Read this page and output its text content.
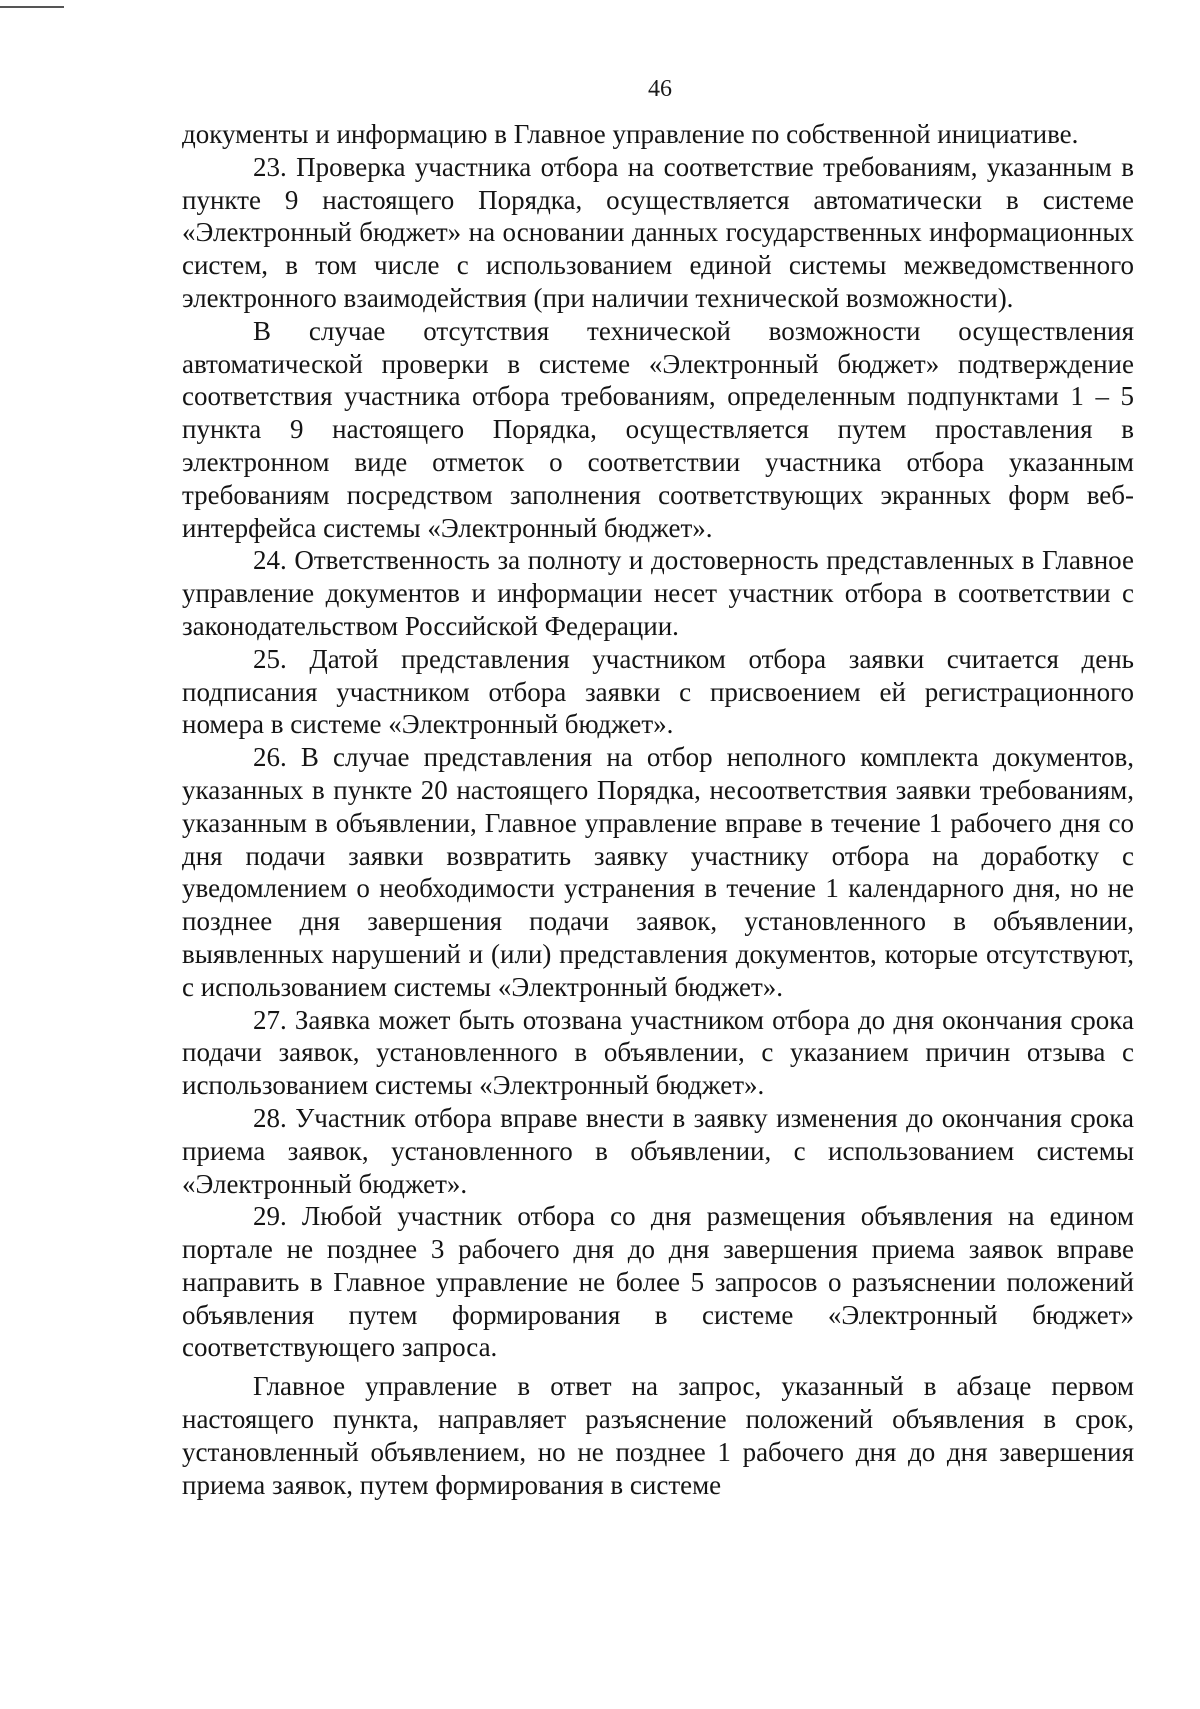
46

документы и информацию в Главное управление по собственной инициативе.

23. Проверка участника отбора на соответствие требованиям, указанным в пункте 9 настоящего Порядка, осуществляется автоматически в системе «Электронный бюджет» на основании данных государственных информационных систем, в том числе с использованием единой системы межведомственного электронного взаимодействия (при наличии технической возможности).

В случае отсутствия технической возможности осуществления автоматической проверки в системе «Электронный бюджет» подтверждение соответствия участника отбора требованиям, определенным подпунктами 1 – 5 пункта 9 настоящего Порядка, осуществляется путем проставления в электронном виде отметок о соответствии участника отбора указанным требованиям посредством заполнения соответствующих экранных форм веб-интерфейса системы «Электронный бюджет».

24. Ответственность за полноту и достоверность представленных в Главное управление документов и информации несет участник отбора в соответствии с законодательством Российской Федерации.

25. Датой представления участником отбора заявки считается день подписания участником отбора заявки с присвоением ей регистрационного номера в системе «Электронный бюджет».

26. В случае представления на отбор неполного комплекта документов, указанных в пункте 20 настоящего Порядка, несоответствия заявки требованиям, указанным в объявлении, Главное управление вправе в течение 1 рабочего дня со дня подачи заявки возвратить заявку участнику отбора на доработку с уведомлением о необходимости устранения в течение 1 календарного дня, но не позднее дня завершения подачи заявок, установленного в объявлении, выявленных нарушений и (или) представления документов, которые отсутствуют, с использованием системы «Электронный бюджет».

27. Заявка может быть отозвана участником отбора до дня окончания срока подачи заявок, установленного в объявлении, с указанием причин отзыва с использованием системы «Электронный бюджет».

28. Участник отбора вправе внести в заявку изменения до окончания срока приема заявок, установленного в объявлении, с использованием системы «Электронный бюджет».

29. Любой участник отбора со дня размещения объявления на едином портале не позднее 3 рабочего дня до дня завершения приема заявок вправе направить в Главное управление не более 5 запросов о разъяснении положений объявления путем формирования в системе «Электронный бюджет» соответствующего запроса.

Главное управление в ответ на запрос, указанный в абзаце первом настоящего пункта, направляет разъяснение положений объявления в срок, установленный объявлением, но не позднее 1 рабочего дня до дня завершения приема заявок, путем формирования в системе
